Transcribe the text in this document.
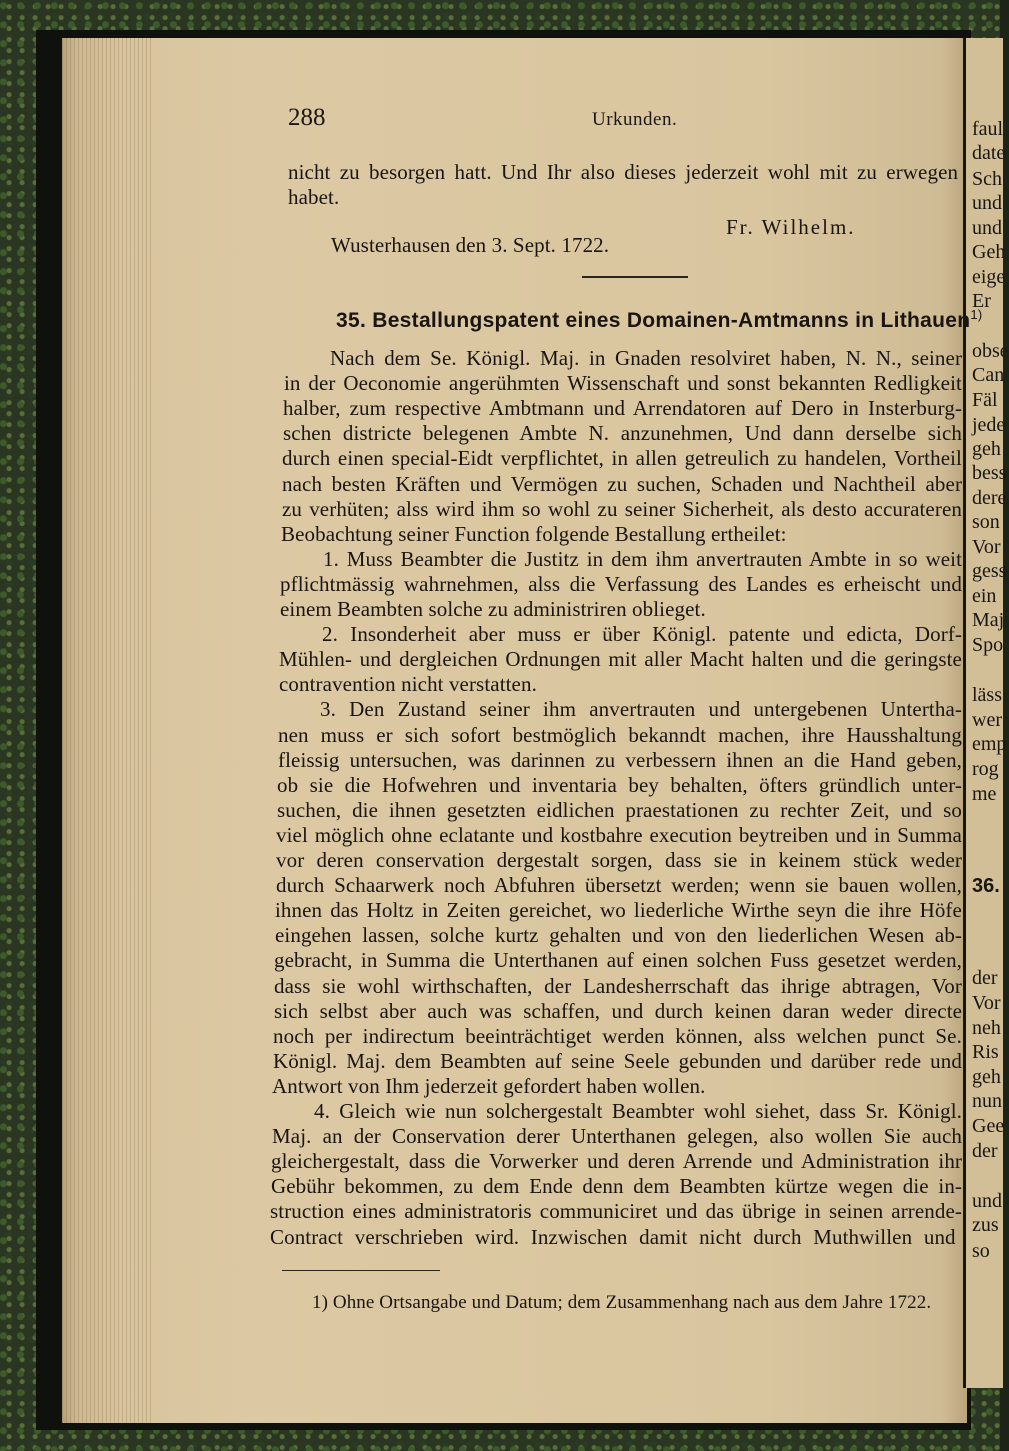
faul
date
Sch
und
und
Geh
eige
Er
obse
Can
Fäl
jede
geh
bess
dere
son
Vor
gess
ein
Maj
Spo
läss
wer
emp
rog
me
36.
der
Vor
neh
Ris
geh
nun
Gee
der
und
zus
so
288	Urkunden.
nicht zu besorgen hatt. Und Ihr also dieses jederzeit wohl mit zu erwegen
habet.
Fr. Wilhelm.
Wusterhausen den 3. Sept. 1722.
35. Bestallungspatent eines Domainen-Amtmanns in Lithauen$^{1)}$
Nach dem Se. Königl. Maj. in Gnaden resolviret haben, N. N., seiner
in der Oeconomie angerühmten Wissenschaft und sonst bekannten Redligkeit
halber, zum respective Ambtmann und Arrendatoren auf Dero in Insterburg-
schen districte belegenen Ambte N. anzunehmen, Und dann derselbe sich
durch einen special-Eidt verpflichtet, in allen getreulich zu handelen, Vortheil
nach besten Kräften und Vermögen zu suchen, Schaden und Nachtheil aber
zu verhüten; alss wird ihm so wohl zu seiner Sicherheit, als desto accurateren
Beobachtung seiner Function folgende Bestallung ertheilet:
1. Muss Beambter die Justitz in dem ihm anvertrauten Ambte in so weit
pflichtmässig wahrnehmen, alss die Verfassung des Landes es erheischt und
einem Beambten solche zu administriren oblieget.
2. Insonderheit aber muss er über Königl. patente und edicta, Dorf-
Mühlen- und dergleichen Ordnungen mit aller Macht halten und die geringste
contravention nicht verstatten.
3. Den Zustand seiner ihm anvertrauten und untergebenen Untertha-
nen muss er sich sofort bestmöglich bekanndt machen, ihre Hausshaltung
fleissig untersuchen, was darinnen zu verbessern ihnen an die Hand geben,
ob sie die Hofwehren und inventaria bey behalten, öfters gründlich unter-
suchen, die ihnen gesetzten eidlichen praestationen zu rechter Zeit, und so
viel möglich ohne eclatante und kostbahre execution beytreiben und in Summa
vor deren conservation dergestalt sorgen, dass sie in keinem stück weder
durch Schaarwerk noch Abfuhren übersetzt werden; wenn sie bauen wollen,
ihnen das Holtz in Zeiten gereichet, wo liederliche Wirthe seyn die ihre Höfe
eingehen lassen, solche kurtz gehalten und von den liederlichen Wesen ab-
gebracht, in Summa die Unterthanen auf einen solchen Fuss gesetzet werden,
dass sie wohl wirthschaften, der Landesherrschaft das ihrige abtragen, Vor
sich selbst aber auch was schaffen, und durch keinen daran weder directe
noch per indirectum beeinträchtiget werden können, alss welchen punct Se.
Königl. Maj. dem Beambten auf seine Seele gebunden und darüber rede und
Antwort von Ihm jederzeit gefordert haben wollen.
4. Gleich wie nun solchergestalt Beambter wohl siehet, dass Sr. Königl.
Maj. an der Conservation derer Unterthanen gelegen, also wollen Sie auch
gleichergestalt, dass die Vorwerker und deren Arrende und Administration ihr
Gebühr bekommen, zu dem Ende denn dem Beambten kürtze wegen die in-
struction eines administratoris communiciret und das übrige in seinen arrende-
Contract verschrieben wird. Inzwischen damit nicht durch Muthwillen und
1) Ohne Ortsangabe und Datum; dem Zusammenhang nach aus dem Jahre 1722.
